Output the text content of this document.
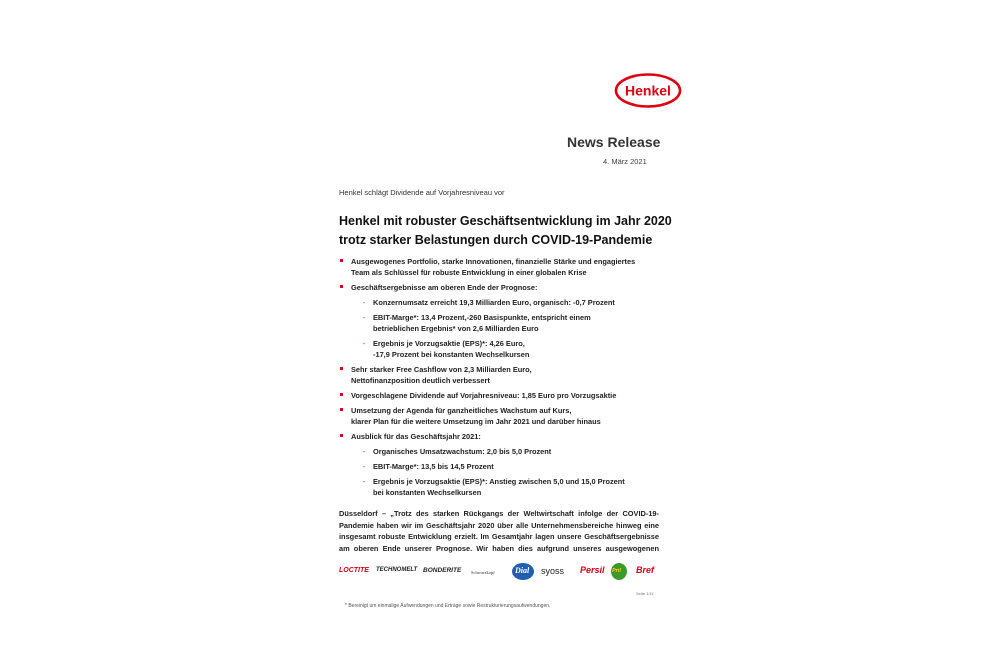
Henkel
News Release
4. März 2021
Henkel schlägt Dividende auf Vorjahresniveau vor
Henkel mit robuster Geschäftsentwicklung im Jahr 2020
trotz starker Belastungen durch COVID-19-Pandemie
Ausgewogenes Portfolio, starke Innovationen, finanzielle Stärke und engagiertes
Team als Schlüssel für robuste Entwicklung in einer globalen Krise
Geschäftsergebnisse am oberen Ende der Prognose:
- Konzernumsatz erreicht 19,3 Milliarden Euro, organisch: -0,7 Prozent
- EBIT-Marge*: 13,4 Prozent,-260 Basispunkte, entspricht einem
betrieblichen Ergebnis* von 2,6 Milliarden Euro
- Ergebnis je Vorzugsaktie (EPS)*: 4,26 Euro,
-17,9 Prozent bei konstanten Wechselkursen
Sehr starker Free Cashflow von 2,3 Milliarden Euro,
Nettofinanzposition deutlich verbessert
Vorgeschlagene Dividende auf Vorjahresniveau: 1,85 Euro pro Vorzugsaktie
Umsetzung der Agenda für ganzheitliches Wachstum auf Kurs,
klarer Plan für die weitere Umsetzung im Jahr 2021 und darüber hinaus
Ausblick für das Geschäftsjahr 2021:
- Organisches Umsatzwachstum: 2,0 bis 5,0 Prozent
- EBIT-Marge*: 13,5 bis 14,5 Prozent
- Ergebnis je Vorzugsaktie (EPS)*: Anstieg zwischen 5,0 und 15,0 Prozent
bei konstanten Wechselkursen
Düsseldorf – „Trotz des starken Rückgangs der Weltwirtschaft infolge der COVID-19-
Pandemie haben wir im Geschäftsjahr 2020 über alle Unternehmensbereiche hinweg eine
insgesamt robuste Entwicklung erzielt. Im Gesamtjahr lagen unsere Geschäftsergebnisse
am oberen Ende unserer Prognose. Wir haben dies aufgrund unseres ausgewogenen
LOCTITE TECHNOMELT BONDERITE Schwarzkopf	Dial syoss Persil Pril Bref
Seite 1/11
* Bereinigt um einmalige Aufwendungen und Erträge sowie Restrukturierungsaufwendungen.
